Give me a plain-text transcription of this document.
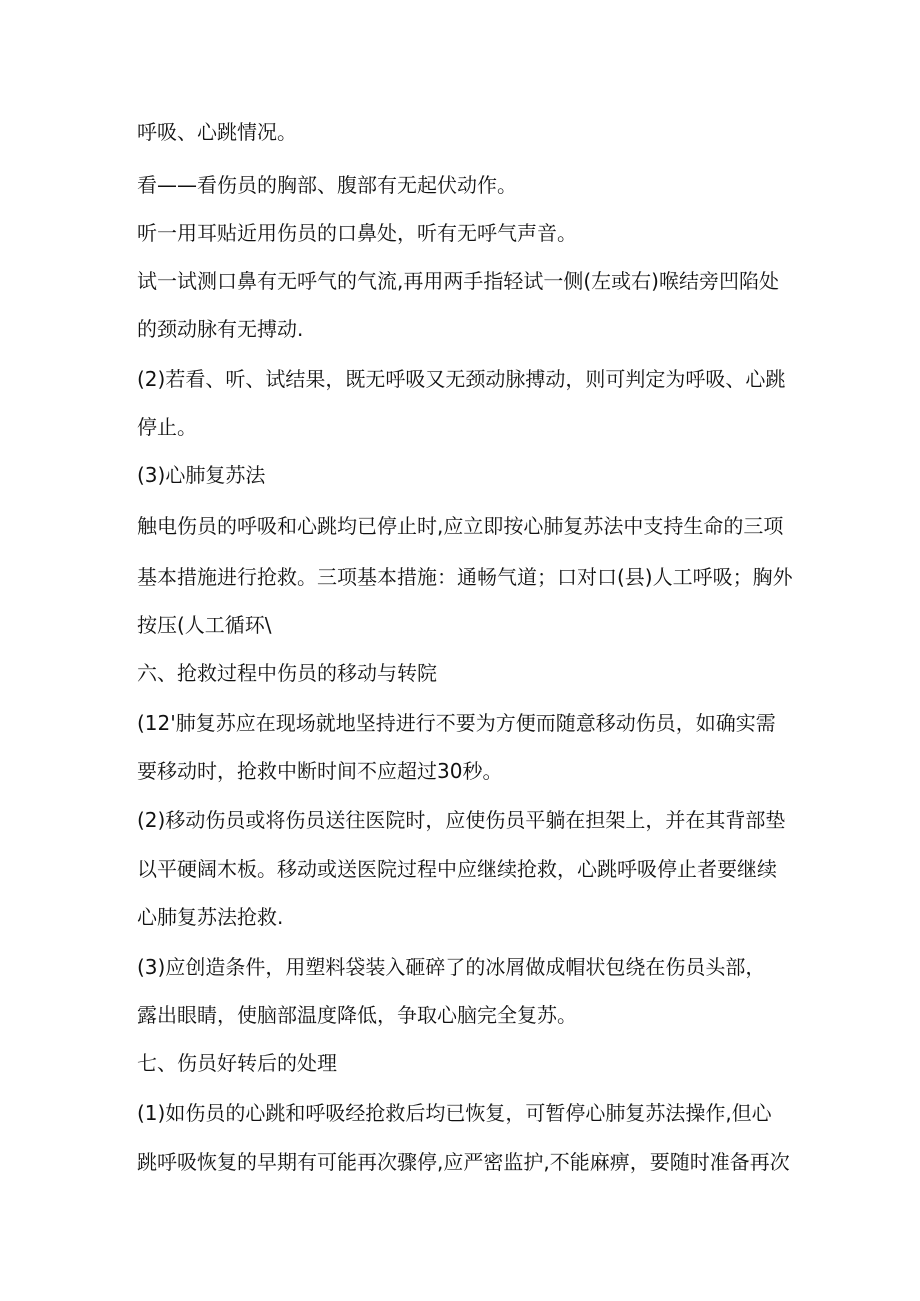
呼吸、心跳情况。

看——看伤员的胸部、腹部有无起伏动作。

听一用耳贴近用伤员的口鼻处，听有无呼气声音。

试一试测口鼻有无呼气的气流,再用两手指轻试一侧(左或右)喉结旁凹陷处

的颈动脉有无搏动.

(2)若看、听、试结果，既无呼吸又无颈动脉搏动，则可判定为呼吸、心跳

停止。

(3)心肺复苏法

触电伤员的呼吸和心跳均已停止时,应立即按心肺复苏法中支持生命的三项

基本措施进行抢救。三项基本措施：通畅气道；口对口(县)人工呼吸；胸外

按压(人工循环\

六、抢救过程中伤员的移动与转院

(12'肺复苏应在现场就地坚持进行不要为方便而随意移动伤员，如确实需

要移动时，抢救中断时间不应超过30秒。

(2)移动伤员或将伤员送往医院时，应使伤员平躺在担架上，并在其背部垫

以平硬阔木板。移动或送医院过程中应继续抢救，心跳呼吸停止者要继续

心肺复苏法抢救.

(3)应创造条件，用塑料袋装入砸碎了的冰屑做成帽状包绕在伤员头部，

露出眼睛，使脑部温度降低，争取心脑完全复苏。

七、伤员好转后的处理

(1)如伤员的心跳和呼吸经抢救后均已恢复，可暂停心肺复苏法操作,但心

跳呼吸恢复的早期有可能再次骤停,应严密监护,不能麻痹，要随时准备再次
